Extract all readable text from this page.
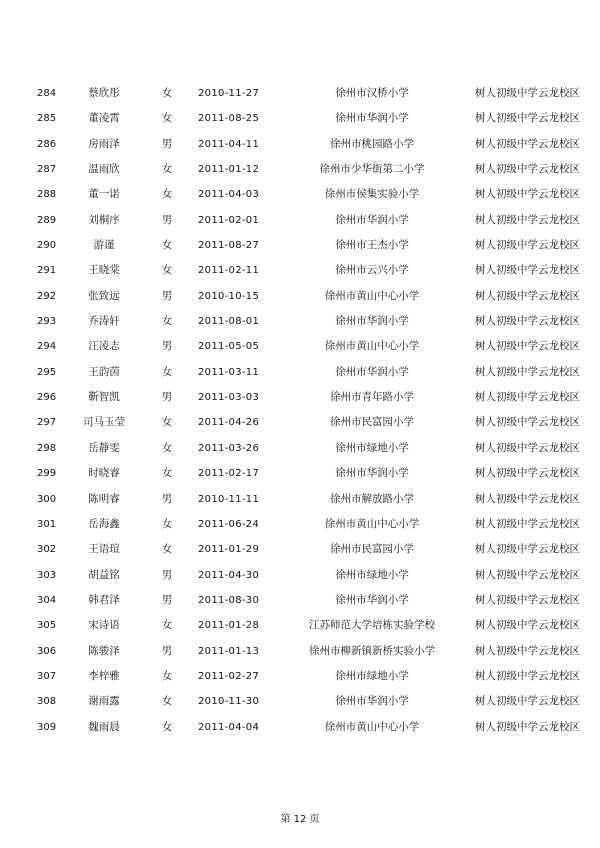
284	蔡欣彤	女	2010-11-27	徐州市汉桥小学	树人初级中学云龙校区
285	董凌霄	女	2011-08-25	徐州市华润小学	树人初级中学云龙校区
286	房雨泽	男	2011-04-11	徐州市桃园路小学	树人初级中学云龙校区
287	温雨欣	女	2011-01-12	徐州市少华街第二小学	树人初级中学云龙校区
288	董一诺	女	2011-04-03	徐州市侯集实验小学	树人初级中学云龙校区
289	刘桐序	男	2011-02-01	徐州市华润小学	树人初级中学云龙校区
290	游谨	女	2011-08-27	徐州市王杰小学	树人初级中学云龙校区
291	王晓棠	女	2011-02-11	徐州市云兴小学	树人初级中学云龙校区
292	张致远	男	2010-10-15	徐州市黄山中心小学	树人初级中学云龙校区
293	乔涛轩	女	2011-08-01	徐州市华润小学	树人初级中学云龙校区
294	汪凌志	男	2011-05-05	徐州市黄山中心小学	树人初级中学云龙校区
295	王韵茵	女	2011-03-11	徐州市华润小学	树人初级中学云龙校区
296	靳智凯	男	2011-03-03	徐州市青年路小学	树人初级中学云龙校区
297	司马玉莹	女	2011-04-26	徐州市民富园小学	树人初级中学云龙校区
298	岳静雯	女	2011-03-26	徐州市绿地小学	树人初级中学云龙校区
299	时晓睿	女	2011-02-17	徐州市华润小学	树人初级中学云龙校区
300	陈明睿	男	2010-11-11	徐州市解放路小学	树人初级中学云龙校区
301	岳海鑫	女	2011-06-24	徐州市黄山中心小学	树人初级中学云龙校区
302	王语瑄	女	2011-01-29	徐州市民富园小学	树人初级中学云龙校区
303	胡益铭	男	2011-04-30	徐州市绿地小学	树人初级中学云龙校区
304	韩君泽	男	2011-08-30	徐州市华润小学	树人初级中学云龙校区
305	宋诗语	女	2011-01-28	江苏师范大学培栋实验学校	树人初级中学云龙校区
306	陈骏泽	男	2011-01-13	徐州市柳新镇新桥实验小学	树人初级中学云龙校区
307	李梓雅	女	2011-02-27	徐州市绿地小学	树人初级中学云龙校区
308	谢雨露	女	2010-11-30	徐州市华润小学	树人初级中学云龙校区
309	魏雨晨	女	2011-04-04	徐州市黄山中心小学	树人初级中学云龙校区
第 12 页
